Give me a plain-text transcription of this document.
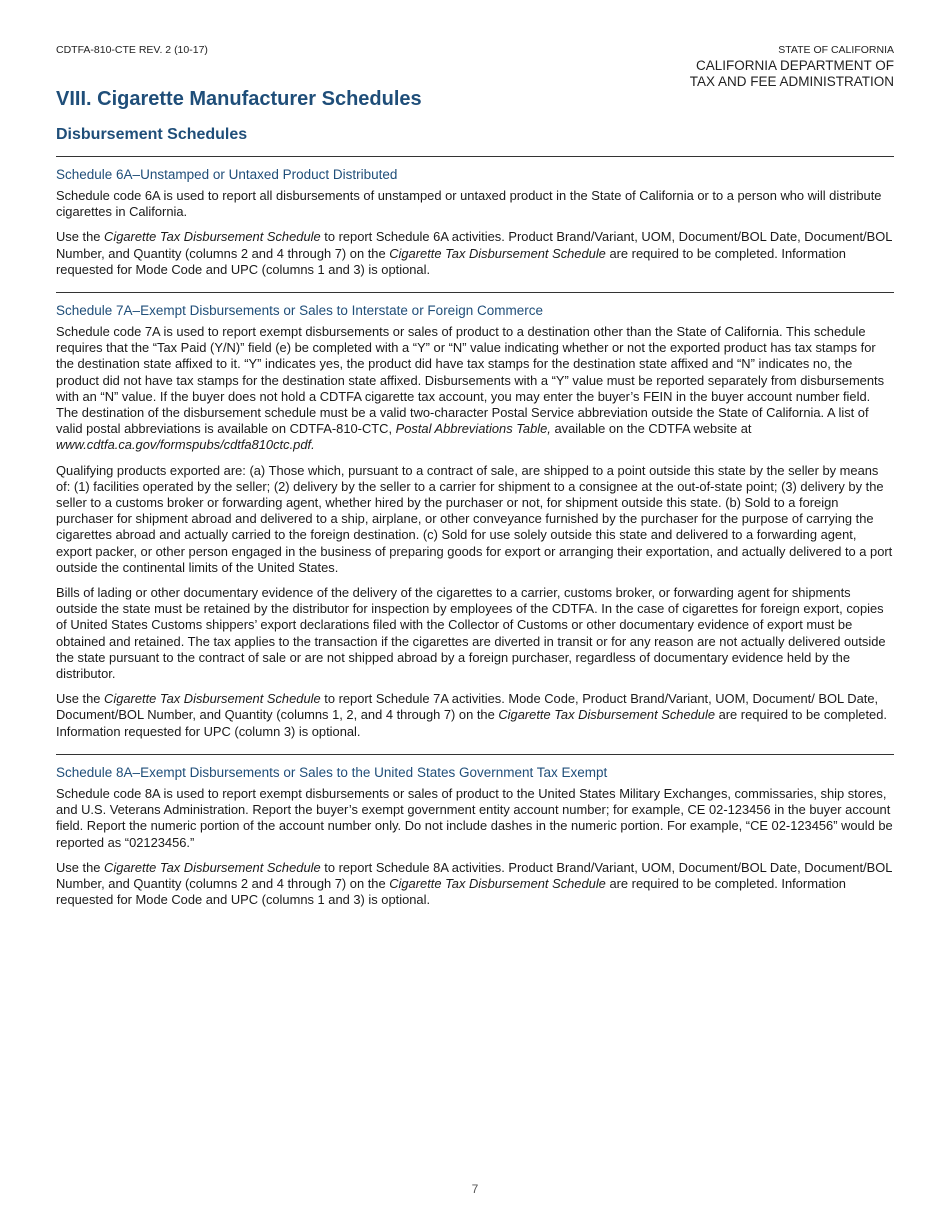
CDTFA-810-CTE REV. 2 (10-17)	STATE OF CALIFORNIA
CALIFORNIA DEPARTMENT OF
TAX AND FEE ADMINISTRATION
VIII. Cigarette Manufacturer Schedules
Disbursement Schedules
Schedule 6A–Unstamped or Untaxed Product Distributed

Schedule code 6A is used to report all disbursements of unstamped or untaxed product in the State of California or to a person who will distribute cigarettes in California.

Use the Cigarette Tax Disbursement Schedule to report Schedule 6A activities. Product Brand/Variant, UOM, Document/BOL Date, Document/BOL Number, and Quantity (columns 2 and 4 through 7) on the Cigarette Tax Disbursement Schedule are required to be completed. Information requested for Mode Code and UPC (columns 1 and 3) is optional.

Schedule 7A–Exempt Disbursements or Sales to Interstate or Foreign Commerce

Schedule code 7A is used to report exempt disbursements or sales of product to a destination other than the State of California. This schedule requires that the “Tax Paid (Y/N)” field (e) be completed with a “Y” or “N” value indicating whether or not the exported product has tax stamps for the destination state affixed to it. “Y” indicates yes, the product did have tax stamps for the destination state affixed and “N” indicates no, the product did not have tax stamps for the destination state affixed. Disbursements with a “Y” value must be reported separately from disbursements with an “N” value. If the buyer does not hold a CDTFA cigarette tax account, you may enter the buyer’s FEIN in the buyer account number field. The destination of the disbursement schedule must be a valid two-character Postal Service abbreviation outside the State of California. A list of valid postal abbreviations is available on CDTFA-810-CTC, Postal Abbreviations Table, available on the CDTFA website at www.cdtfa.ca.gov/formspubs/cdtfa810ctc.pdf.

Qualifying products exported are: (a) Those which, pursuant to a contract of sale, are shipped to a point outside this state by the seller by means of: (1) facilities operated by the seller; (2) delivery by the seller to a carrier for shipment to a consignee at the out-of-state point; (3) delivery by the seller to a customs broker or forwarding agent, whether hired by the purchaser or not, for shipment outside this state. (b) Sold to a foreign purchaser for shipment abroad and delivered to a ship, airplane, or other conveyance furnished by the purchaser for the purpose of carrying the cigarettes abroad and actually carried to the foreign destination. (c) Sold for use solely outside this state and delivered to a forwarding agent, export packer, or other person engaged in the business of preparing goods for export or arranging their exportation, and actually delivered to a port outside the continental limits of the United States.

Bills of lading or other documentary evidence of the delivery of the cigarettes to a carrier, customs broker, or forwarding agent for shipments outside the state must be retained by the distributor for inspection by employees of the CDTFA. In the case of cigarettes for foreign export, copies of United States Customs shippers’ export declarations filed with the Collector of Customs or other documentary evidence of export must be obtained and retained. The tax applies to the transaction if the cigarettes are diverted in transit or for any reason are not actually delivered outside the state pursuant to the contract of sale or are not shipped abroad by a foreign purchaser, regardless of documentary evidence held by the distributor.

Use the Cigarette Tax Disbursement Schedule to report Schedule 7A activities. Mode Code, Product Brand/Variant, UOM, Document/ BOL Date, Document/BOL Number, and Quantity (columns 1, 2, and 4 through 7) on the Cigarette Tax Disbursement Schedule are required to be completed. Information requested for UPC (column 3) is optional.

Schedule 8A–Exempt Disbursements or Sales to the United States Government Tax Exempt

Schedule code 8A is used to report exempt disbursements or sales of product to the United States Military Exchanges, commissaries, ship stores, and U.S. Veterans Administration. Report the buyer’s exempt government entity account number; for example, CE 02-123456 in the buyer account field. Report the numeric portion of the account number only. Do not include dashes in the numeric portion. For example, “CE 02-123456” would be reported as “02123456.”

Use the Cigarette Tax Disbursement Schedule to report Schedule 8A activities. Product Brand/Variant, UOM, Document/BOL Date, Document/BOL Number, and Quantity (columns 2 and 4 through 7) on the Cigarette Tax Disbursement Schedule are required to be completed. Information requested for Mode Code and UPC (columns 1 and 3) is optional.

7
